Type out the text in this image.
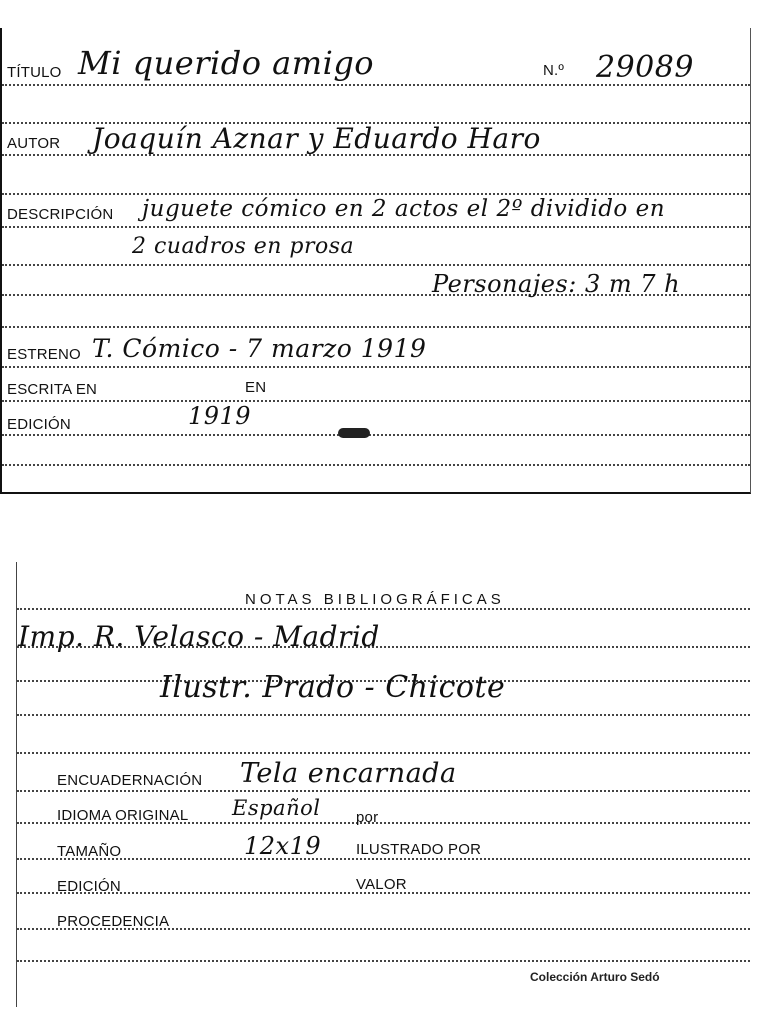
TÍTULO Mi querido amigo	N.º 29089
AUTOR Joaquín Aznar y Eduardo Haro
DESCRIPCIÓN juguete cómico en 2 actos el 2º dividido en
2 cuadros en prosa
Personajes: 3 m 7 h
ESTRENO T. Cómico - 7 marzo 1919
ESCRITA EN	EN
EDICIÓN	1919
NOTAS BIBLIOGRÁFICAS
Imp. R. Velasco - Madrid
Ilustr. Prado - Chicote
ENCUADERNACIÓN Tela encarnada
IDIOMA ORIGINAL Español por
TAMAÑO	12x19 ILUSTRADO POR
EDICIÓN	VALOR
PROCEDENCIA
Colección Arturo Sedó
